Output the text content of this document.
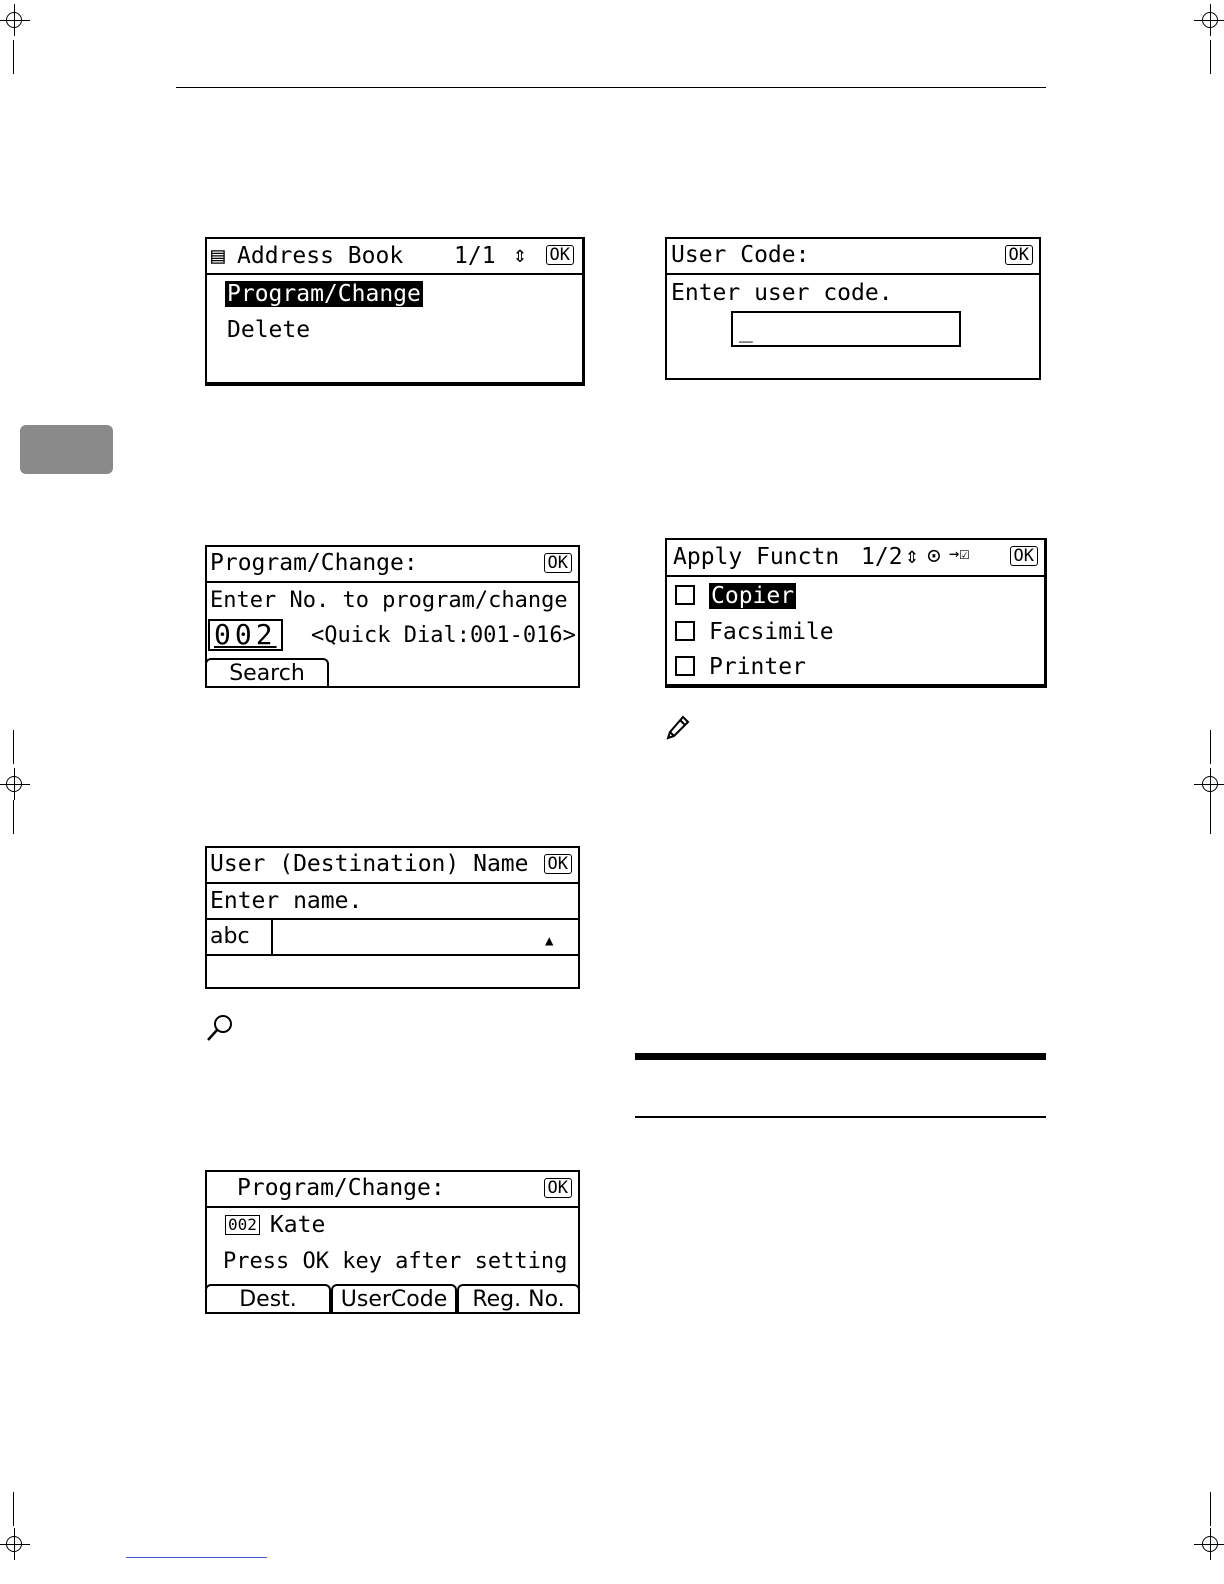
▤ Address Book 1/1 ⇕ OK
Program/Change
Delete
User Code:	OK
Enter user code.
_
Program/Change:	OK
Enter No. to program/change
002 <Quick Dial:001-016>
Search
Apply Functn 1/2 ⇕ ⊙ →☑	OK
Copier
Facsimile
Printer
User (Destination) Name OK
Enter name.
abc	▲
Program/Change:	OK
002 Kate
Press OK key after setting
Dest.	UserCode	Reg. No.
